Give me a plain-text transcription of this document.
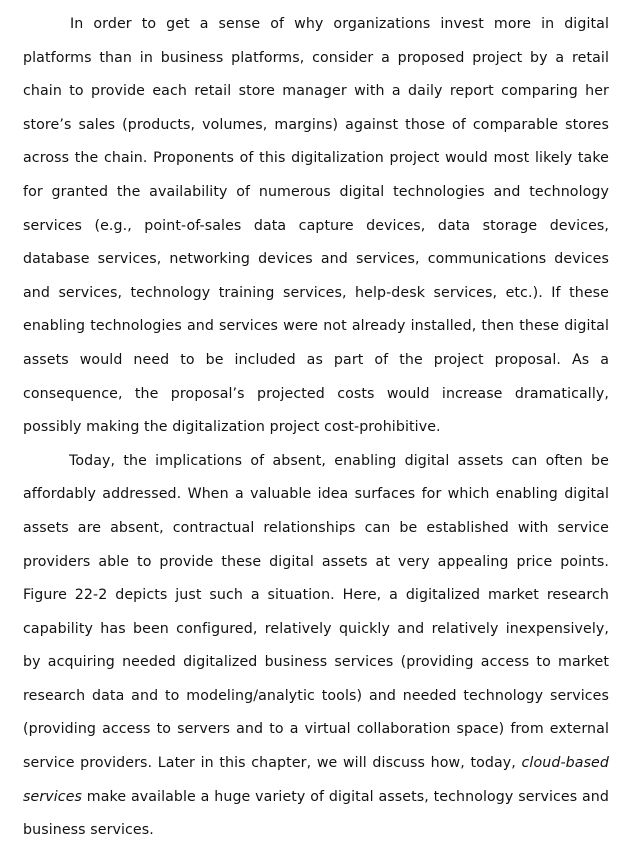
In order to get a sense of why organizations invest more in digital platforms than in business platforms, consider a proposed project by a retail chain to provide each retail store manager with a daily report comparing her store’s sales (products, volumes, margins) against those of comparable stores across the chain. Proponents of this digitalization project would most likely take for granted the availability of numerous digital technologies and technology services (e.g., point-of-sales data capture devices, data storage devices, database services, networking devices and services, communications devices and services, technology training services, help-desk services, etc.). If these enabling technologies and services were not already installed, then these digital assets would need to be included as part of the project proposal. As a consequence, the proposal’s projected costs would increase dramatically, possibly making the digitalization project cost-prohibitive.

Today, the implications of absent, enabling digital assets can often be affordably addressed. When a valuable idea surfaces for which enabling digital assets are absent, contractual relationships can be established with service providers able to provide these digital assets at very appealing price points. Figure 22-2 depicts just such a situation. Here, a digitalized market research capability has been configured, relatively quickly and relatively inexpensively, by acquiring needed digitalized business services (providing access to market research data and to modeling/analytic tools) and needed technology services (providing access to servers and to a virtual collaboration space) from external service providers. Later in this chapter, we will discuss how, today, cloud-based services make available a huge variety of digital assets, technology services and business services.
